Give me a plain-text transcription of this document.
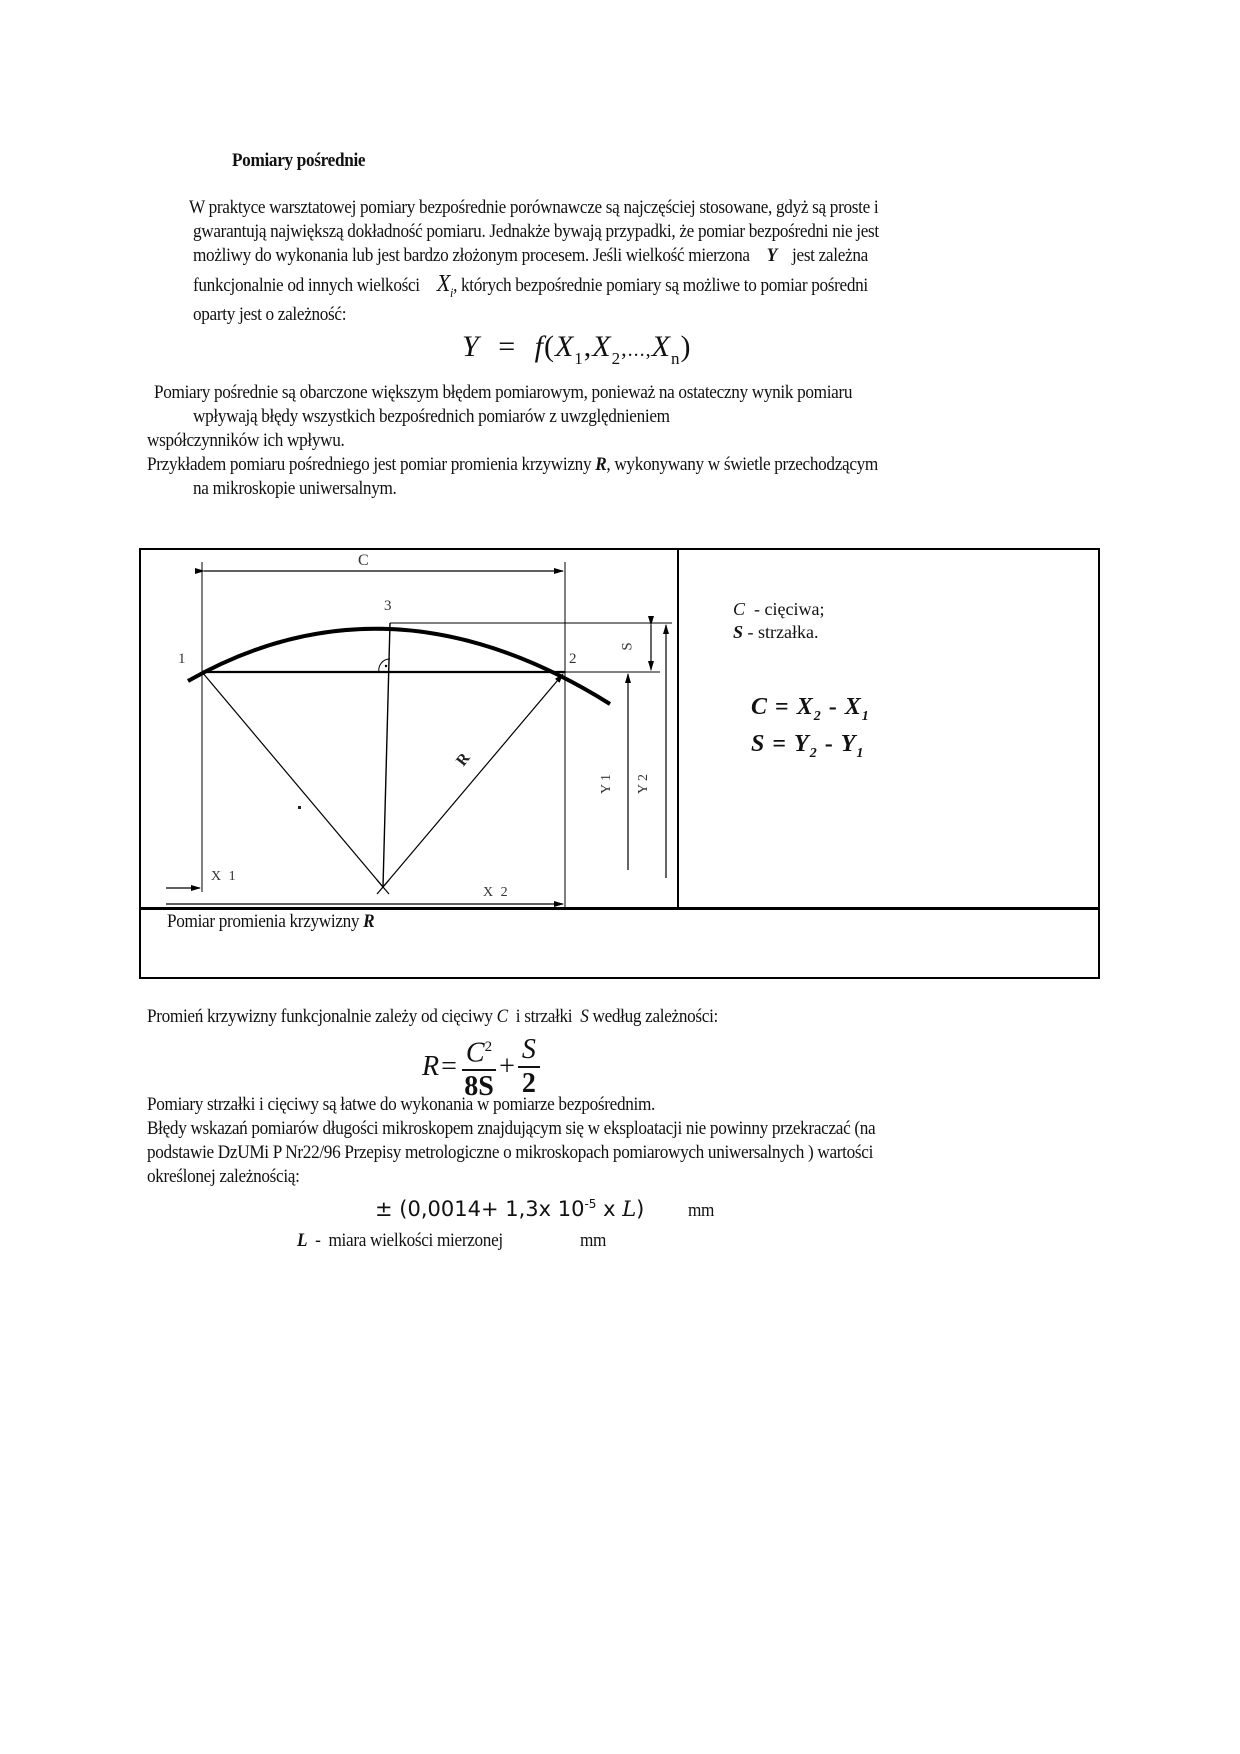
Pomiary pośrednie
W praktyce warsztatowej pomiary bezpośrednie porównawcze są najczęściej stosowane, gdyż są proste i
gwarantują największą dokładność pomiaru. Jednakże bywają przypadki, że pomiar bezpośredni nie jest
możliwy do wykonania lub jest bardzo złożonym procesem. Jeśli wielkość mierzona Y jest zależna
funkcjonalnie od innych wielkości $X_i$, których bezpośrednie pomiary są możliwe to pomiar pośredni
oparty jest o zależność:
$Y = f(X_1,X_2,...,X_n)$
Pomiary pośrednie są obarczone większym błędem pomiarowym, ponieważ na ostateczny wynik pomiaru
wpływają błędy wszystkich bezpośrednich pomiarów z uwzględnieniem
współczynników ich wpływu.
Przykładem pomiaru pośredniego jest pomiar promienia krzywizny R, wykonywany w świetle przechodzącym
na mikroskopie uniwersalnym.
C
3
1	2
S
R
Y 1 Y 2
X 1
X 2
C  - cięciwa;
S - strzałka.
$C = X_2 - X_1$
$S = Y_2 - Y_1$
Pomiar promienia krzywizny R
Promień krzywizny funkcjonalnie zależy od cięciwy C  i strzałki  S według zależności:
$R = \frac{C^2}{8S} + \frac{S}{2}$
Pomiary strzałki i cięciwy są łatwe do wykonania w pomiarze bezpośrednim.
Błędy wskazań pomiarów długości mikroskopem znajdującym się w eksploatacji nie powinny przekraczać (na
podstawie DzUMi P Nr22/96 Przepisy metrologiczne o mikroskopach pomiarowych uniwersalnych ) wartości
określonej zależnością:
± (0,0014+ 1,3x $10^{-5}$ x L) mm
L  -  miara wielkości mierzonej	mm
